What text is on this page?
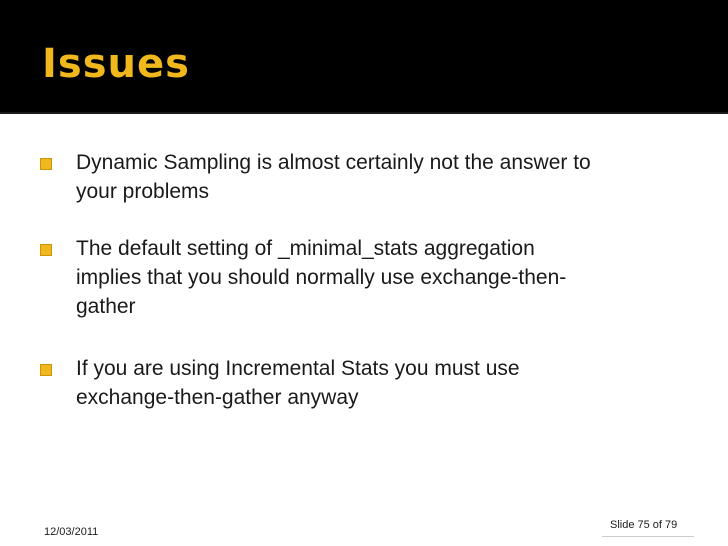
Issues
Dynamic Sampling is almost certainly not the answer to
your problems
The default setting of _minimal_stats aggregation
implies that you should normally use exchange-then-
gather
If you are using Incremental Stats you must use
exchange-then-gather anyway
12/03/2011
Slide 75 of 79
